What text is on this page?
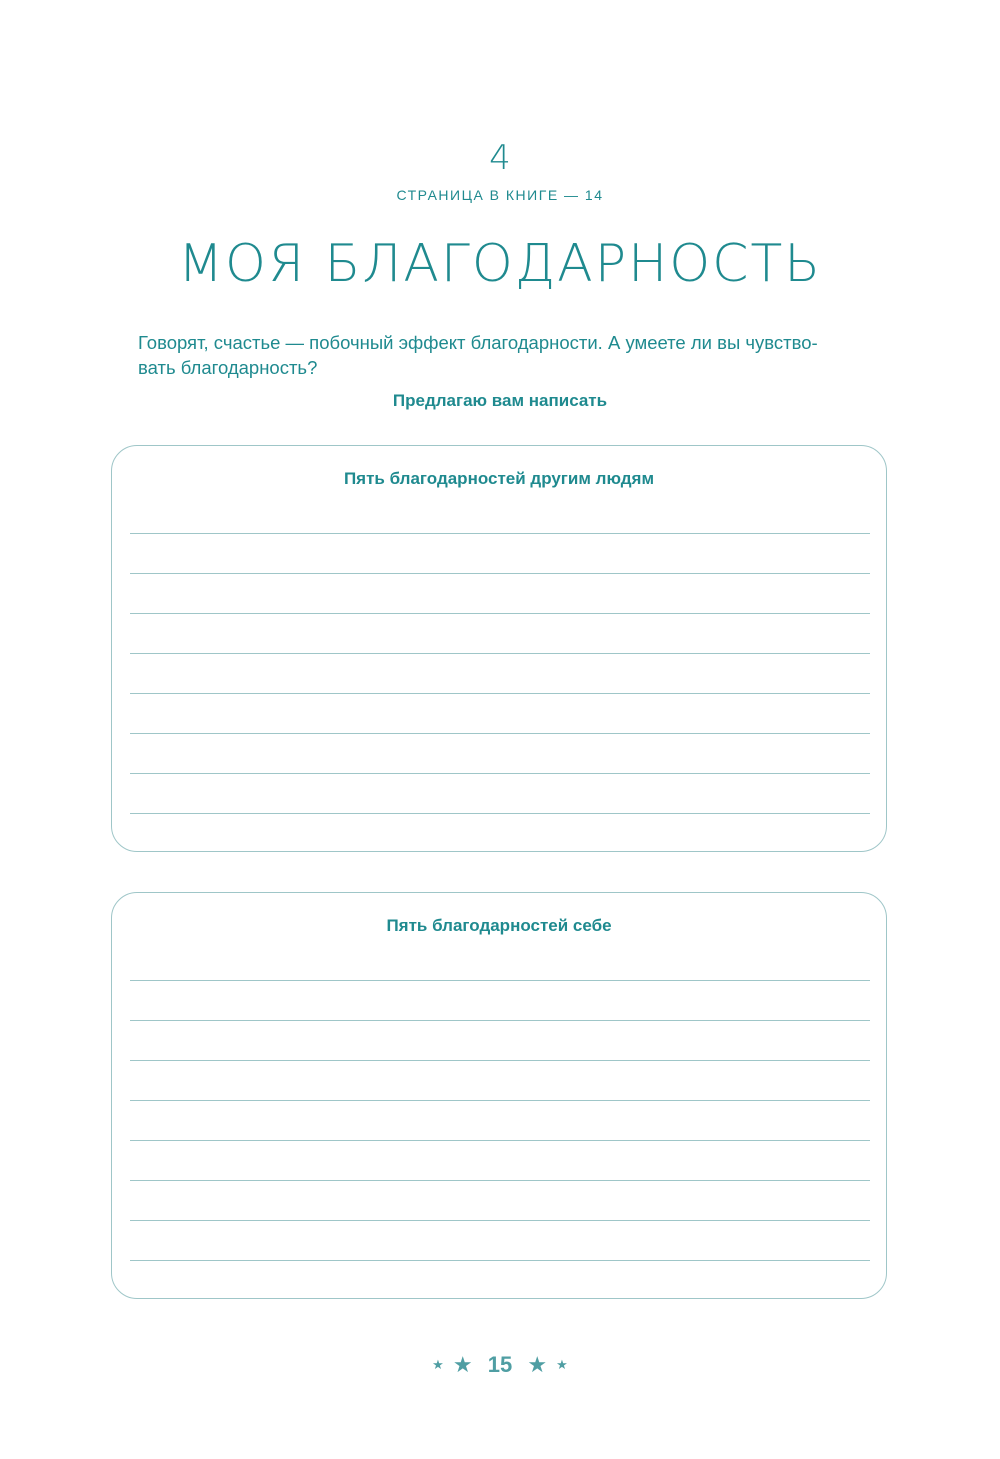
4
СТРАНИЦА В КНИГЕ — 14
МОЯ БЛАГОДАРНОСТЬ

Говорят, счастье — побочный эффект благодарности. А умеете ли вы чувство-
вать благодарность?

Предлагаю вам написать
Пять благодарностей другим людям
Пять благодарностей себе
★ ★ 15 ★ ★
